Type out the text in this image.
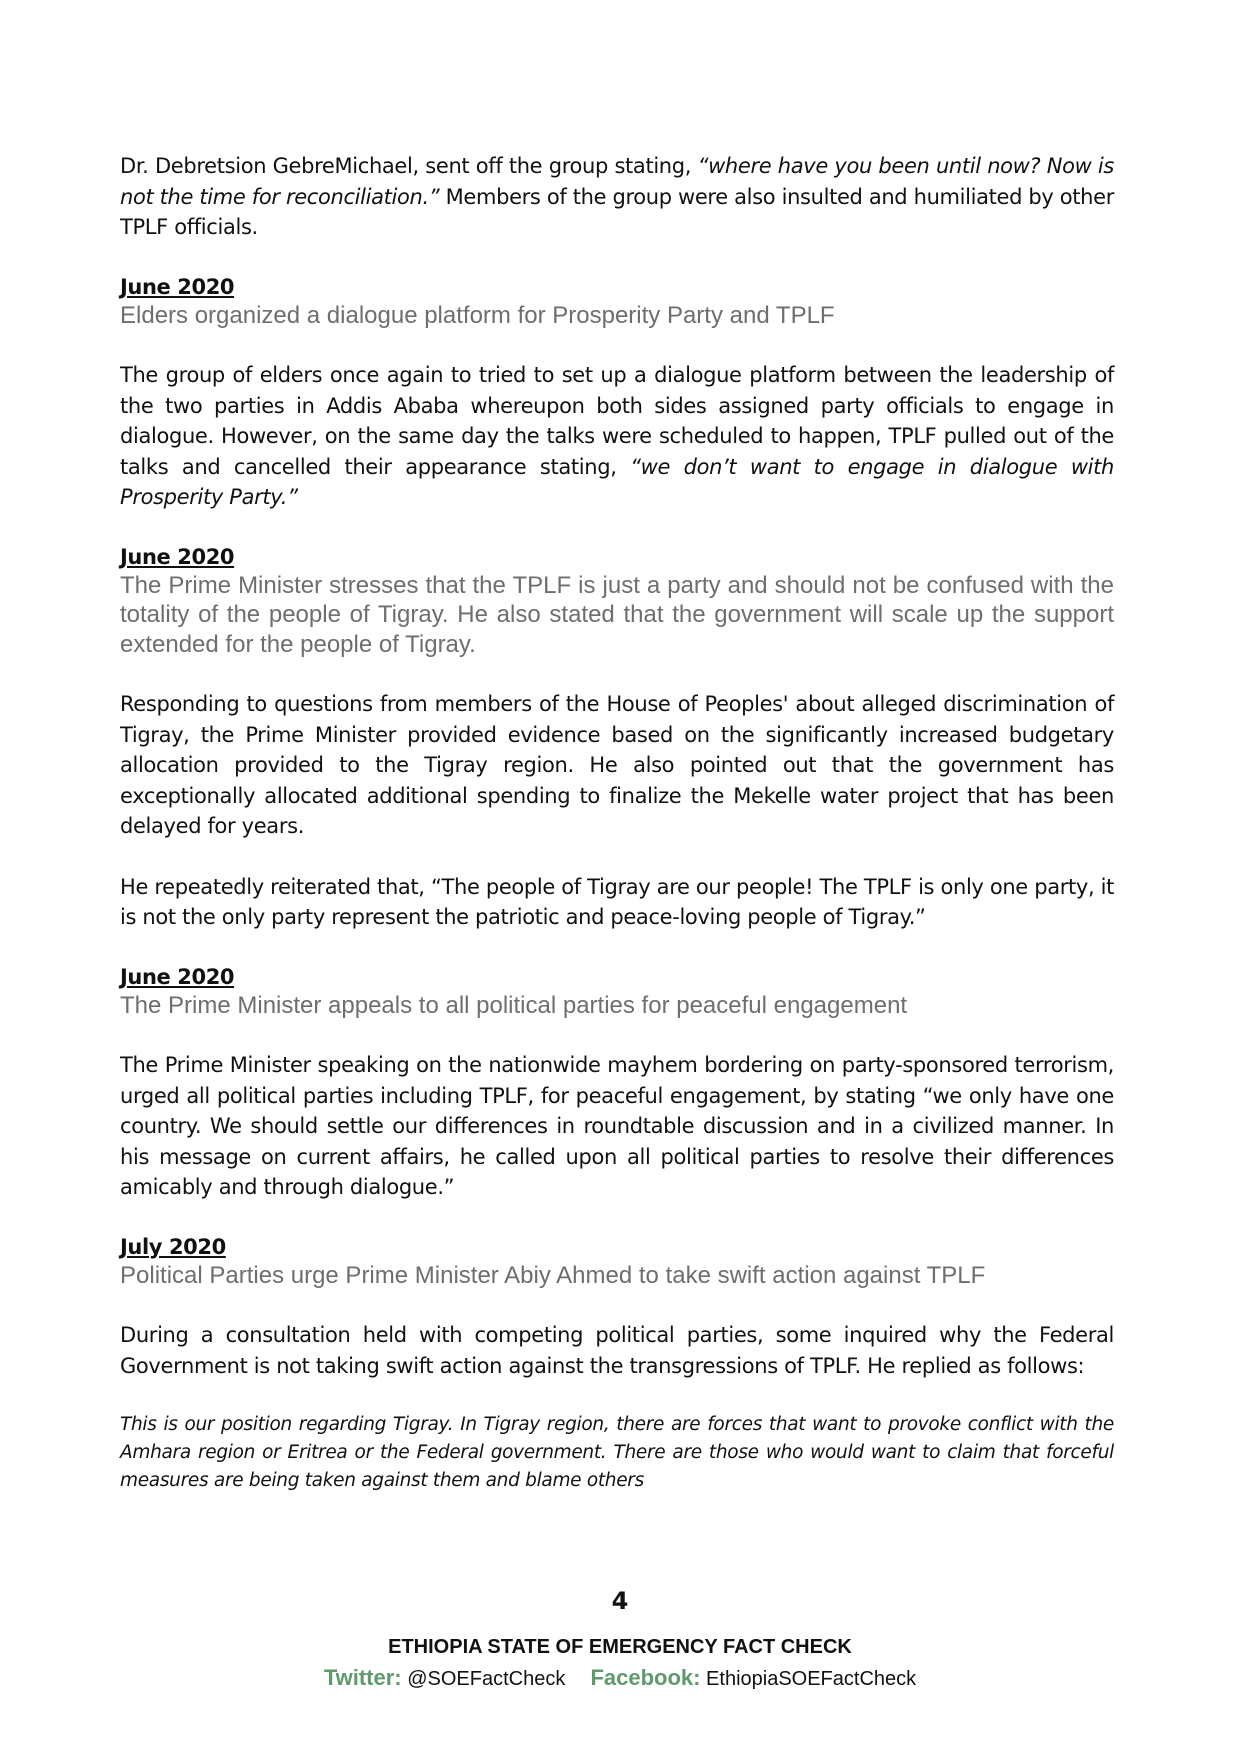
Dr. Debretsion GebreMichael, sent off the group stating, “where have you been until now? Now is not the time for reconciliation.” Members of the group were also insulted and humiliated by other TPLF officials.

June 2020

Elders organized a dialogue platform for Prosperity Party and TPLF

The group of elders once again to tried to set up a dialogue platform between the leadership of the two parties in Addis Ababa whereupon both sides assigned party officials to engage in dialogue. However, on the same day the talks were scheduled to happen, TPLF pulled out of the talks and cancelled their appearance stating, “we don’t want to engage in dialogue with Prosperity Party.”

June 2020

The Prime Minister stresses that the TPLF is just a party and should not be confused with the totality of the people of Tigray. He also stated that the government will scale up the support extended for the people of Tigray.

Responding to questions from members of the House of Peoples' about alleged discrimination of Tigray, the Prime Minister provided evidence based on the significantly increased budgetary allocation provided to the Tigray region. He also pointed out that the government has exceptionally allocated additional spending to finalize the Mekelle water project that has been delayed for years.

He repeatedly reiterated that, “The people of Tigray are our people! The TPLF is only one party, it is not the only party represent the patriotic and peace-loving people of Tigray.”

June 2020

The Prime Minister appeals to all political parties for peaceful engagement

The Prime Minister speaking on the nationwide mayhem bordering on party-sponsored terrorism, urged all political parties including TPLF, for peaceful engagement, by stating “we only have one country. We should settle our differences in roundtable discussion and in a civilized manner. In his message on current affairs, he called upon all political parties to resolve their differences amicably and through dialogue.”

July 2020

Political Parties urge Prime Minister Abiy Ahmed to take swift action against TPLF

During a consultation held with competing political parties, some inquired why the Federal Government is not taking swift action against the transgressions of TPLF. He replied as follows:

This is our position regarding Tigray. In Tigray region, there are forces that want to provoke conflict with the Amhara region or Eritrea or the Federal government. There are those who would want to claim that forceful measures are being taken against them and blame others

4
ETHIOPIA STATE OF EMERGENCY FACT CHECK
Twitter: @SOEFactCheck Facebook: EthiopiaSOEFactCheck
